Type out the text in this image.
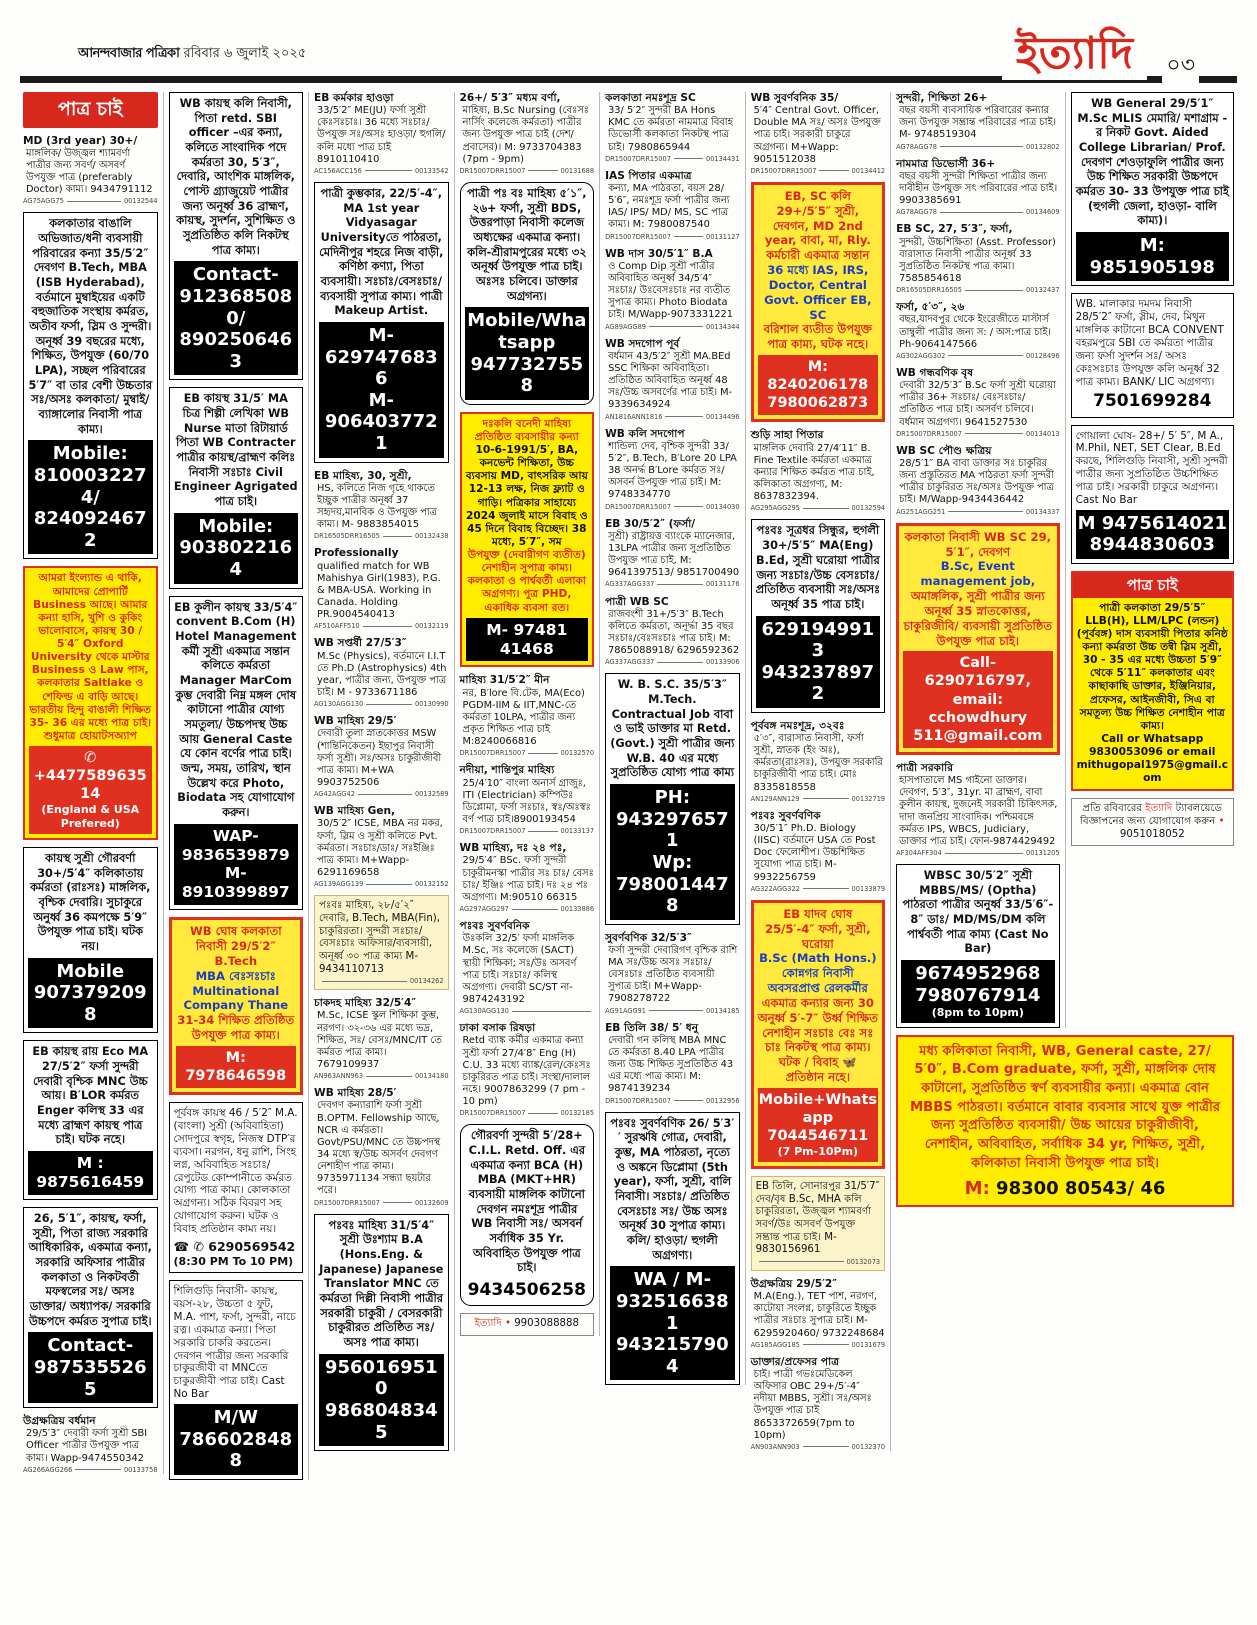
আনন্দবাজার পত্রিকা রবিবার ৬ জুলাই ২০২৫	ইত্যাদি	০৩
পাত্র চাই
MD (3rd year) 30+/
মাঙ্গলিক/ উজ্জ্বল শ্যামবর্ণা পাত্রীর জন্য সবর্ণ/ অসবর্ণ উপযুক্ত পাত্র (preferably Doctor) কাম্য। 9434791112
AG75AGG75	00132544
কলকাতার বাঙালি অভিজাত/ধনী ব্যবসায়ী পরিবারের কন্যা 35/5′2″ দেবগণ B.Tech, MBA (ISB Hyderabad), বর্তমানে মুম্বাইয়ের একটি বহুজাতিক সংস্থায় কর্মরত, অতীব ফর্সা, স্লিম ও সুন্দরী। অনূর্ধ্ব 39 বছরের মধ্যে, শিক্ষিত, উপযুক্ত (60/70 LPA), সচ্ছল পরিবারের 5′7″ বা তার বেশী উচ্চতার সঃ/অসঃ কলকাতা/ মুম্বাই/ ব্যাঙ্গালোর নিবাসী পাত্র কাম্য।
Mobile:
8100032274/
8240924672
আমরা ইংল্যান্ড এ থাকি, আমাদের প্রোপার্টি Business আছে। আমার কন্যা হাসি, খুশি ও কুকিং ভালোবাসে, কায়স্থ 30 / 5′4″ Oxford University থেকে মাস্টার Business ও Law পাস, কলকাতার Saltlake ও শেফিল্ড এ বাড়ি আছে। ভারতীয় হিন্দু বাঙালী শিক্ষিত 35- 36 এর মধ্যে পাত্র চাই। শুধুমাত্র হোয়াটসঅ্যাপ
✆ +447758963514
(England & USA Prefered)
কায়স্থ সুশ্রী গৌরবর্ণা 30+/5′4″ কলিকাতায় কর্মরতা (রাঃসঃ) মাঙ্গলিক, বৃশ্চিক দেবারি। সুচাকুরে অনুর্ধ্ব 36 কমপক্ষে 5′9″ উপযুক্ত পাত্র চাই। ঘটক নয়।
Mobile
9073792098
EB কায়স্থ রায় Eco MA 27/5′2″ ফর্সা সুন্দরী দেবারী বৃশ্চিক MNC উচ্চ আয়। B′LOR কর্মরত Enger কলিস্থ 33 এর মধ্যে ব্রাহ্মণ কায়স্থ পাত্র চাই। ঘটক নহে।
M : 9875616459
26, 5′1″, কায়স্থ, ফর্সা, সুশ্রী, পিতা রাজ্য সরকারি আধিকারিক, একমাত্র কন্যা, সরকারি অফিসার পাত্রীর কলকাতা ও নিকটবর্তী মফস্বলের সঃ/ অসঃ ডাক্তার/ অধ্যাপক/ সরকারি উচ্চপদে কর্মরত সুপাত্র চাই।
Contact-
9875355265
উগ্রক্ষত্রিয় বর্ধমান
29/5′3″ দেবারী ফর্সা সুশ্রী SBI Officer পাত্রীর উপযুক্ত পাত্র কাম্য। Wapp-9474550342
AG266AGG266	00133758
WB কায়স্থ কলি নিবাসী, পিতা retd. SBI officer –এর কন্যা, কলিতে সাংবাদিক পদে কর্মরতা 30, 5′3″, দেবারি, আংশিক মাঙ্গলিক, পোস্ট গ্র্যাজুয়েট পাত্রীর জন্য অনূর্ধ্ব 36 ব্রাহ্মণ, কায়স্থ, সুদর্শন, সুশিক্ষিত ও সুপ্রতিষ্ঠিত কলি নিকটস্থ পাত্র কাম্য।
Contact-
9123685080/
8902506463
EB কায়স্থ 31/5′ MA চিত্র শিল্পী লেখিকা WB Nurse মাতা রিটায়ার্ড পিতা WB Contracter পাত্রীর কায়স্থ/ব্রাহ্মণ কলিঃ নিবাসী সঃচাঃ Civil Engineer Agrigated পাত্র চাই।
Mobile:
9038022164
EB কুলীন কায়স্থ 33/5′4″ convent B.Com (H) Hotel Management কর্মী সুশ্রী একমাত্র সন্তান কলিতে কর্মরতা Manager MarCom কুম্ভ দেবারী নিম্ন মঙ্গল দোষ কাটানো পাত্রীর যোগ্য সমতুল্য/ উচ্চপদস্থ উচ্চ আয় General Caste যে কোন বর্ণের পাত্র চাই। জন্ম, সময়, তারিখ, স্থান উল্লেখ করে Photo, Biodata সহ যোগাযোগ করুন।
WAP- 9836539879
M- 8910399897
WB ঘোষ কলকাতা নিবাসী 29/5′2″ B.Tech
MBA বেঃসঃচাঃ Multinational Company Thane
31-34 শিক্ষিত প্রতিষ্ঠিত উপযুক্ত পাত্র কাম্য।
M:
7978646598
পূর্ববঙ্গ কায়স্থ 46 / 5′2″ M.A.(বাংলা) সুশ্রী (অবিবাহিতা) সোদপুরে স্বগৃহ, নিজস্ব DTP′র ব্যবসা। নরগন, ধনু রাশি, সিংহ লগ্ন, অবিবাহিত সঃচাঃ/ রেপুটেড কোম্পানীতে কর্মরত যোগ্য পাত্র কাম্য। কোলকাতা অগ্রগন্য। সঠিক বিবরণ সহ যোগাযোগ করুন। ঘটক ও বিবাহ প্রতিষ্ঠান কাম্য নয়।
☎ ✆ 6290569542
(8:30 PM To 10 PM)
শিলিগুড়ি নিবাসী- কায়স্থ, বয়স-২৮, উচ্চতা ৫ ফুট, M.A. পাশ, ফর্সা, সুন্দরী, নাচে রত্ন। একমাত্র কন্যা। পিতা সরকারি চাকরি করতেন। দেবগন পাত্রীর জন্য সরকারি চাকুরজীবী বা MNCতে চাকুরজীবী পাত্র চাই। Cast No Bar
M/W 7866028488
EB কর্মকার হাওড়া
33/5′2″ ME(JU) ফর্সা সুশ্রী কেঃসঃচাঃ। 36 মধ্যে সঃচাঃ/ উপযুক্ত সঃ/অসঃ হাওড়া/ হুগলি/কলি মধ্যে পাত্র চাই 8910110410
AC156ACC156	00133542
পাত্রী কুম্ভকার, 22/5′-4″, MA 1st year Vidyasagar Universityতে পাঠরতা, মেদিনীপুর শহরে নিজ বাড়ী, কণিষ্ঠা কণ্যা, পিতা ব্যবসায়ী। সঃচাঃ/বেসঃচাঃ/ ব্যবসায়ী সুপাত্র কাম্য। পাত্রী Makeup Artist.
M-6297476836
M-9064037721
EB মাহিষ্য, 30, সুশ্রী,
HS, কলিতে নিজ গৃহে থাকতে ইচ্ছুক পাত্রীর অনূর্ধ্ব 37 সহৃদয়,মানবিক ও উপযুক্ত পাত্র কাম্য। M- 9883854015
DR16505DRR16505	00132438
Professionally
qualified match for WB Mahishya Girl(1983), P.G. & MBA-USA. Working in Canada. Holding PR.9004540413
AF510AFF510	00132119
WB সপ্তর্ষী 27/5′3″
M.Sc (Physics), বর্তমানে I.I.T তে Ph.D (Astrophysics) 4th year, পাত্রীর জন্য, উপযুক্ত পাত্র চাই। M - 9733671186
AG130AGG130	00130990
WB মাহিষ্য 29/5′
দেবারী তুলা স্নাতকোত্তর MSW (শান্তিনিকেতন) ইছাপুর নিবাসী ফর্সা সুশ্রী। সঃ/অসঃ চাকুরীজীবী পাত্র কাম্য। M+WA 9903752506
AG42AGG42	00132589
WB মাহিষ্য Gen,
30/5′2″ ICSE, MBA নর মকর, ফর্সা, স্লিম ও সুশ্রী কলিতে Pvt. কর্মরতা। সঃচাঃ/ডাঃ/ সঃইঞ্জিঃ পাত্র কাম্য। M+Wapp- 6291169658
AG139AGG139	00132152
পঃবঃ মাহিষ্য, ২৮/৫′২″ দেবারি, B.Tech, MBA(Fin), চাকুরিরতা। সুন্দরী সঃচাঃ/বেসঃচাঃ অফিসার/ব্যবসায়ী, অনূর্ধ্ব ৩০ পাত্র কাম্য M-9434110713
00134262
চাকদহ মাহিষ্য 32/5′4″
M.Sc, ICSE স্কুল শিক্ষিকা কুম্ভ, নরগণ। ৩২-৩৬ এর মধ্যে ভদ্র, শিক্ষিত, সঃ/ বেসঃ/MNC/IT তে কর্মরত পাত্র কাম্য। 7679109937
AN963ANN963	00134180
WB মাহিষ্য 28/5′
দেবগণ কন্যারাশি ফর্সা সুশ্রী B.OPTM. Fellowship আছে, NCR এ কর্মরতা। Govt/PSU/MNC তে উচ্চপদস্থ 34 মধ্যে স্ব/উচ্চ অসর্বণ দেবগণ নেশাহীণ পাত্র কাম্য। 9735971134 সন্ধ্যা ছয়টার পরে।
DR15007DRR15007	00132609
পঃবঃ মাহিষ্য 31/5′4″ সুশ্রী উঃশ্যাম B.A (Hons.Eng. & Japanese) Japanese Translator MNC তে কর্মরতা দিল্লী নিবাসী পাত্রীর সরকারী চাকুরী / বেসরকারী চাকুরীরত প্রতিষ্ঠিত সঃ/অসঃ পাত্র কাম্য।
9560169510
9868048345
26+/ 5′3″ মধ্যম বর্ণা,
মাহিষ্য, B.Sc Nursing (বেঃসঃ নার্সিং কলেজে কর্মরতা) পাত্রীর জন্য উপযুক্ত পাত্র চাই (দেশ/ প্রবাসের)। M: 9733704383 (7pm - 9pm)
DR15007DRR15007	00131688
পাত্রী পঃ বঃ মাহিষ্য ৫′১″, ২৬+ ফর্সা, সুশ্রী BDS, উত্তরপাড়া নিবাসী কলেজ অধ্যক্ষের একমাত্র কন্যা। কলি-শ্রীরামপুরের মধ্যে ৩২ অনূর্ধ্ব উপযুক্ত পাত্র চাই। অঃসঃ চলিবে। ডাক্তার অগ্রগন্য।
Mobile/Whatsapp
9477327558
দঃকলি বনেদী মাহিষ্য প্রতিষ্ঠিত ব্যবসায়ীর কন্যা
10-6-1991/5′, BA, কনভেন্ট শিক্ষিতা, উচ্চ ব্যবসায় MD, বাৎসরিক আয় 12-13 লক্ষ, নিজ ফ্ল্যাট ও গাড়ি। পত্রিকার সাহায্যে 2024 জুলাই মাসে বিবাহ ও 45 দিনে বিবাহ বিচ্ছেদ। 38 মধ্যে, 5′7″, সম
উপযুক্ত (দেবারীগণ ব্যতীত) নেশাহীন সুপাত্র কাম্য। কলকাতা ও পার্শ্ববর্তী এলাকা অগ্রগণ্য। পুত্র PHD, একাধিক ব্যবসা রত।
M- 97481 41468
মাহিষ্য 31/5′2″ মীন
নর, B′lore বি.টেক, MA(Eco) PGDM-IIM & IIT,MNC-তে কর্মরতা 10LPA, পাত্রীর জন্য প্রকৃত শিক্ষিত পাত্র চাই M:8240066816
DR15007DRR15007	00132570
নদীয়া, শান্তিপুর মাহিষ্য
25/4′10″ বাংলা অনার্স গ্রাজুঃ, ITI (Electrician) কম্পিউঃ ডিপ্লোমা, ফর্সা সঃচাঃ, স্বঃ/অঃস্বঃ বর্ণ পাত্র চাই।8900193454
DR15007DRR15007	00133137
WB মাহিষ্য, দঃ ২৪ পঃ,
29/5′4″ BSc. ফর্সা সুন্দরী চাকুরীমনস্কা পাত্রীর সঃ চাঃ/ বেসঃ চাঃ/ ইঞ্জিঃ পাত্র চাই। দঃ ২৪ পঃ অগ্রগণ্য। M:90510 66315
AG297AGG297	00133886
পঃবঃ সুবর্ণবনিক
উঃকলি 32/5′ ফর্সা মাঙ্গলিক M.Sc, সঃ কলেজে (SACT) স্থায়ী শিক্ষিকা; সঃ/উঃ অসবর্ণ পাত্র চাই। সঃচাঃ/ কলিস্থ অগ্রগণ্য। দেবারী SC/ST না- 9874243192
AG130AGG130
ঢাকা বসাক রিষড়া
Retd ব্যাঙ্ক কর্মীর একমাত্র কন্যা সুশ্রী ফর্সা 27/4′8″ Eng (H) C.U. 33 মধ্যে ব্যাঙ্ক/রেল/কেঃসঃ চাকুরিরত পাত্র চাই। সংস্থা/দালাল নহে। 9007863299 (7 pm - 10 pm)
DR15007DRR15007	00132185
গৌরবর্ণা সুন্দরী 5′/28+ C.I.L. Retd. Off. এর একমাত্র কন্যা BCA (H) MBA (MKT+HR) ব্যবসায়ী মাঙ্গলিক কাটানো দেবগন নমঃশূদ্র পাত্রীর WB নিবাসী সঃ/ অসবর্ন সর্বাধিক 35 Yr. অবিবাহিত উপযুক্ত পাত্র চাই।
9434506258
ইত্যাদি • 9903088888
কলকাতা নমঃশূদ্র SC
33/ 5′2″ সুন্দরী BA Hons KMC তে কর্মরতা নামমাত্র বিবাহ ডিভোর্সী কলকাতা নিকটস্থ পাত্র চাই। 7980865944
DR15007DRR15007	00134431
IAS পিতার একমাত্র
কন্যা, MA পাঠরতা, বয়স 28/ 5′6″, নমঃশূদ্র ফর্সা পাত্রীর জন্য IAS/ IPS/ MD/ MS, SC পাত্র কাম্য। M: 7980087540
DR15007DRR15007	00131127
WB দাস 30/5′1″ B.A
ও Comp Dip সুশ্রী পাত্রীর অবিবাহিত অনূর্ধ্ব 34/5′4″ সঃচাঃ/ উঃবেসঃচাঃ নর ব্যতীত সুপাত্র কাম্য। Photo Biodata চাই। M/Wapp-9073331221
AG89AGG89	00134344
WB সদগোপ পূর্ব
বর্ধমান 43/5′2″ সুশ্রী MA.BEd SSC শিক্ষিকা অবিবাহিতা। প্রতিষ্ঠিত অবিবাহিত অনূর্ধ্ব 48 সঃ/উচ্চ অসবর্ণের পাত্র চাই। M-9339634924
AN1816ANN1816	00134496
WB কলি সদগোপ
শান্ডিল্য দেব, বৃশ্চিক সুন্দরী 33/ 5′2″, B.Tech, B′Lore 20 LPA 38 অনর্দ্ধ B′Lore কর্মরত সঃ/ অসবর্ন উপযুক্ত পাত্র চাই। M: 9748334770
DR15007DRR15007	00134030
EB 30/5′2″ (ফর্সা/
সুশ্রী) রাষ্ট্রায়ত্ত ব্যাংকে ম্যানেজার, 13LPA পাত্রীর জন্য সুপ্রতিষ্ঠিত উপযুক্ত পাত্র চাই, M: 9641397513/ 9851700490
AG337AGG337	00131176
পাত্রী WB SC
রাজবংশী 31+/5′3″ B.Tech কলিতে কর্মরতা, অনূর্দ্ধা 35 বছর সঃচাঃ/বেঃসঃচাঃ পাত্র চাই। M: 7865088918/ 6296592362
AG337AGG337	00133906
W. B. S.C. 35/5′3″ M.Tech. Contractual Job বাবা ও ভাই ডাক্তার মা Retd. (Govt.) সুশ্রী পাত্রীর জন্য W.B. 40 এর মধ্যে সুপ্রতিষ্ঠিত যোগ্য পাত্র কাম্য
PH: 9432976571
Wp: 7980014478
সুবর্ণবণিক 32/5′3″
ফর্সা সুন্দরী দেবারিগণ বৃশ্চিক রাশি MA সঃ/উচ্চ অসঃ সঃচাঃ/বেসঃচাঃ প্রতিষ্ঠিত ব্যবসায়ী সুপাত্র চাই। M+Wapp- 7908278722
AG91AGG91	00134185
EB তিলি 38/ 5′ ধনু
দেবারী গন কলিস্থ MBA MNC তে কর্মরতা 8.40 LPA পাত্রীর জন্য উচ্চ শিক্ষিত সুপ্রতিষ্ঠিত 43 এর মধ্যে পাত্র কাম্য। M: 9874139234
DR15007DRR15007	00132956
পঃবঃ সুবর্ণবণিক 26/ 5′3′′ সুরঋষি গোত্র, দেবারী, কুম্ভ, MA পাঠরতা, নৃত্যে ও অঙ্কনে ডিপ্লোমা (5th year), ফর্সা, সুশ্রী, বালি নিবাসী। সঃচাঃ/ প্রতিষ্ঠিত বেসঃচাঃ সঃ/ উচ্চ অসঃ অনূর্ধ্ব 30 সুপাত্র কাম্য। কলি/ হাওড়া/ হুগলী অগ্রগণ্য।
WA / M-
9325166381
9432157904
WB সুবর্ণবনিক 35/
5′4″ Central Govt. Officer, Double MA সঃ/ অসঃ উপযুক্ত পাত্র চাই। সরকারী চাকুরে অগ্রগন্য। M+Wapp: 9051512038
DR15007DRR15007	00134412
EB, SC কলি 29+/5′5″ সুশ্রী, দেবগন, MD 2nd year, বাবা, মা, Rly. কর্মচারী একমাত্র সন্তান
36 মধ্যে IAS, IRS, Doctor, Central Govt. Officer EB, SC
বরিশাল ব্যতীত উপযুক্ত পাত্র কাম্য, ঘটক নহে।
M: 8240206178
7980062873
শুড়ি সাহা পিতার
মাঙ্গলিক দেবারি 27/4′11″ B. Fine Textile কর্মরতা একমাত্র কন্যার শিক্ষিত কর্মরত পাত্র চাই, কলিকাতা অগ্রগণ্য, M: 8637832394.
AG295AGG295	00132594
পঃবঃ সূত্রধর সিন্ধুর, হুগলী 30+/5′5″ MA(Eng) B.Ed, সুশ্রী ঘরোয়া পাত্রীর জন্য সঃচাঃ/উচ্চ বেসঃচাঃ/ প্রতিষ্ঠিত ব্যবসায়ী সঃ/অসঃ অনূর্ধ্ব 35 পাত্র চাই।
6291949913
9432378972
পূর্ববঙ্গ নমঃশূদ্র, ৩২বঃ
৫′৩″, বারাসাত নিবাসী, ফর্সা সুশ্রী, স্নাতক (ইং অঃ), কর্মরতা(রাঃসঃ), উপযুক্ত সরকারি চাকুরিজীবী পাত্র চাই। মোঃ 8335818558
AN129ANN129	00132719
পঃবঃ সুবর্ণবণিক
30/5′1″ Ph.D. Biology (IISC) বর্তমানে USA তে Post Doc ফেলোশীপ। উচ্চশিক্ষিত সুযোগ্য পাত্র চাই। M- 9932256759
AG322AGG322	00133879
EB যাদব ঘোষ 25/5′-4″ ফর্সা, সুশ্রী, ঘরোয়া
B.Sc (Math Hons.) কোন্নগর নিবাসী অবসরপ্রাপ্ত রেলকর্মীর
একমাত্র কন্যার জন্য 30 অনুর্ধ্ব 5′-7″ উর্ধ্ব শিক্ষিত নেশাহীন সঃচাঃ বেঃ সঃ চাঃ নিকটস্থ পাত্র কাম্য। ঘটক / বিবাহ 🦋 প্রতিষ্ঠান নহে।
Mobile+Whatsapp
7044546711
(7 Pm-10Pm)
EB তিলি, সোনারপুর 31/5′7″ দেব/বৃষ B.Sc, MHA কলি চাকুরিরতা, উজ্জ্বল শ্যামবর্ণা সবর্ণ/উঃ অসবর্ণ উপযুক্ত সম্ভ্রান্ত পাত্র চাই। M-9830156961
00132073
উগ্রক্ষত্রিয় 29/5′2″
M.A(Eng.), TET পাশ, নরগণ, কাটোয়া সংলগ্ন, চাকুরিতে ইচ্ছুক পাত্রীর সঃচাঃ সুপাত্র চাই। M-6295920460/ 9732248684
AG185AGG185	00131679
ডাক্তার/প্রফেসর পাত্র
চাই। পাত্রী গভঃমেডিকেল অফিসার OBC 29+/5′-4″ নদীয়া MBBS, সুশ্রী। সঃ/অসঃ উপযুক্ত পাত্র চাই 8653372659(7pm to 10pm)
AN903ANN903	00132370
সুন্দরী, শিক্ষিতা 26+
বছর বয়সী ব্যবসায়িক পরিবারের কন্যার জন্য উপযুক্ত সম্ভ্রান্ত পরিবারের পাত্র চাই। M- 9748519304
AG78AGG78	00132802
নামমাত্র ডিভোর্সী 36+
বছর বয়সী সুন্দরী শিক্ষিতা পাত্রীর জন্য দাবীহীন উপযুক্ত সৎ পরিবারের পাত্র চাই। 9903385691
AG78AGG78	00134609
EB SC, 27, 5′3″, ফর্সা,
সুন্দরী, উচ্চশিক্ষিতা (Asst. Professor) বারাসাত নিবাসী পাত্রীর অনূর্ধ্ব 33 সুপ্রতিষ্ঠিত নিকটস্থ পাত্র কাম্য। 7585854618
DR16505DRR16505	00132437
ফর্সা, ৫′৩″, ২৬
বছর,যাদবপুর থেকে ইংরেজীতে মাস্টার্স তাম্বুলী পাত্রীর জন্য স: / অস:পাত্র চাই। Ph-9064147566
AG302AGG302	00128496
WB গন্ধবণিক বৃষ
দেবারী 32/5′3″ B.Sc ফর্সা সুশ্রী ঘরোয়া পাত্রীর 36+ সঃচাঃ/ বেঃসঃচাঃ/ প্রতিষ্ঠিত পাত্র চাই। অসর্বণ চলিবে। বর্ধমান অগ্রগণ্য। 9641527530
DR15007DRR15007	00134013
WB SC পৌণ্ড ক্ষত্রিয়
28/5′1″ BA বাবা ডাক্তার সঃ চাকুরির জন্য প্রস্তুতিরত MA পাঠরতা ফর্সা সুন্দরী পাত্রীর চাকুরিরত সঃ/অসঃ উপযুক্ত পাত্র চাই। M/Wapp-9434436442
AG251AGG251	00134337
কলকাতা নিবাসী WB SC 29, 5′1″, দেবগণ
B.Sc, Event management job,
অমাঙ্গলিক, সুশ্রী পাত্রীর জন্য অনূর্ধ্ব 35 স্নাতকোত্তর, চাকুরিজীবি/ ব্যবসায়ী সুপ্রতিষ্ঠিত উপযুক্ত পাত্র চাই।
Call-
6290716797,
email:
cchowdhury
511@gmail.com
পাত্রী সরকারি
হাসপাতালে MS গাইনো ডাক্তার। দেবগণ, 5′3″, 31yr. মা ব্রাহ্মণ, বাবা কুলীন কায়স্থ, দুজনেই সরকারী চিকিৎসক, দাদা জনপ্রিয় সাংবাদিক। পশ্চিমবঙ্গে কর্মরত IPS, WBCS, Judiciary, ডাক্তার পাত্র চাই। ফোন-9874429492
AF304AFF304	00131205
WBSC 30/5′2″ সুশ্রী MBBS/MS/ (Optha) পাঠরতা পাত্রীর অনুর্ধ্ব 33/5′6″- 8″ ডাঃ/ MD/MS/DM কলি পার্শ্ববর্তী পাত্র কাম্য (Cast No Bar)
9674952968
7980767914
(8pm to 10pm)
WB General 29/5′1″ M.Sc MLIS মেমারি/ মশাগ্রাম - র নিকট Govt. Aided College Librarian/ Prof. দেবগণ শেওড়াফুলি পাত্রীর জন্য উচ্চ শিক্ষিত সরকারী উচ্চপদে কর্মরত 30- 33 উপযুক্ত পাত্র চাই (হুগলী জেলা, হাওড়া- বালি কাম্য)।
M:
9851905198
WB. মালাকার দমদম নিবাসী 28/5′2″ ফর্সা, স্লীম, দেব, মিথুন মাঙ্গলিক কাটানো BCA CONVENT বহরমপুরে SBI তে কর্মরতা পাত্রীর জন্য ফর্সা সুদর্শন সঃ/ অসঃ কেঃসঃচাঃ উপযুক্ত কলি অনূর্ধ্ব 32 পাত্র কাম্য। BANK/ LIC অগ্রগণ্য।
7501699284
গোয়ালা ঘোষ- 28+/ 5′ 5″, M A., M.Phil, NET, SET Clear, B.Ed করছে, শিলিগুড়ি নিবাসী, সুশ্রী সুন্দরী পাত্রীর জন্য সুপ্রতিষ্ঠিত উচ্চশিক্ষিত পাত্র চাই। সরকারী চাকুরে অগ্রগন্য। Cast No Bar
M 9475614021
8944830603
পাত্র চাই
পাত্রী কলকাতা 29/5′5″ LLB(H), LLM/LPC (লন্ডন) (পূর্ববঙ্গ) দাস ব্যবসায়ী পিতার কনিষ্ঠ কন্যা কর্মরতা উচ্চ তন্বী স্লিম সুশ্রী, 30 - 35 এর মধ্যে উচ্চতা 5′9″ থেকে 5′11″ কলকাতার এবং কাছাকাছি ডাক্তার, ইঞ্জিনিয়ার, প্রফেসর, আইনজীবী, সিএ বা সমতূল্য উচ্চ শিক্ষিত নেশাহীন পাত্র কাম্য।
Call or Whatsapp 9830053096 or email mithugopal1975@gmail.com
প্রতি রবিবারের ইত্যাদি ট্যাবলয়েডে বিজ্ঞাপনের জন্য যোগাযোগ করুন • 9051018052
মধ্য কলিকাতা নিবাসী, WB, General caste, 27/ 5′0″, B.Com graduate, ফর্সা, সুশ্রী, মাঙ্গলিক দোষ কাটানো, সুপ্রতিষ্ঠিত স্বর্ণ ব্যবসায়ীর কন্যা। একমাত্র বোন MBBS পাঠরতা। বর্তমানে বাবার ব্যবসার সাথে যুক্ত পাত্রীর জন্য সুপ্রতিষ্ঠিত ব্যবসায়ী/ উচ্চ আয়ের চাকুরীজীবী, নেশাহীন, অবিবাহিত, সর্বাধিক 34 yr, শিক্ষিত, সুশ্রী, কলিকাতা নিবাসী উপযুক্ত পাত্র চাই।
M: 98300 80543/ 46
